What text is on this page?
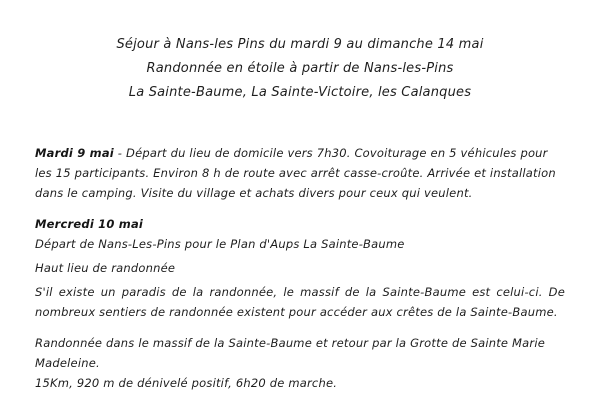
Séjour à Nans-les Pins du mardi 9 au dimanche 14 mai

Randonnée en étoile à partir de Nans-les-Pins

La Sainte-Baume, La Sainte-Victoire, les Calanques

Mardi 9 mai - Départ du lieu de domicile vers 7h30. Covoiturage en 5 véhicules pour les 15 participants. Environ 8 h de route avec arrêt casse-croûte. Arrivée et installation dans le camping. Visite du village et achats divers pour ceux qui veulent.

Mercredi 10 mai
Départ de Nans-Les-Pins pour le Plan d'Aups La Sainte-Baume

Haut lieu de randonnée

S'il existe un paradis de la randonnée, le massif de la Sainte-Baume est celui-ci. De nombreux sentiers de randonnée existent pour accéder aux crêtes de la Sainte-Baume.

Randonnée dans le massif de la Sainte-Baume et retour par la Grotte de Sainte Marie Madeleine.
15Km, 920 m de dénivelé positif, 6h20 de marche.
